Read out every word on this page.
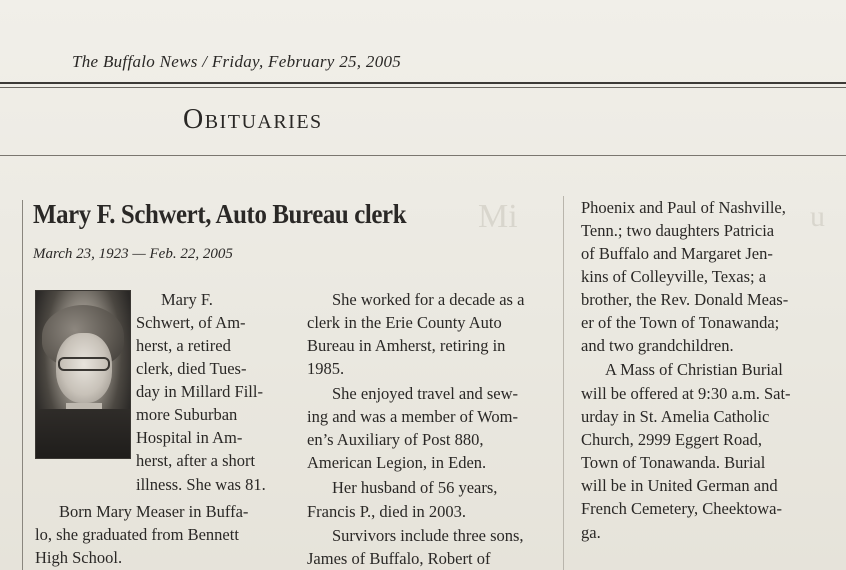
Mi	u
The Buffalo News / Friday, February 25, 2005
Obituaries
Mary F. Schwert, Auto Bureau clerk
March 23, 1923 — Feb. 22, 2005
Mary F.
Schwert, of Am-
herst, a retired
clerk, died Tues-
day in Millard Fill-
more Suburban
Hospital in Am-
herst, after a short
illness. She was 81.
Born Mary Measer in Buffa-
lo, she graduated from Bennett
High School.
She worked for a decade as a
clerk in the Erie County Auto
Bureau in Amherst, retiring in
1985.
She enjoyed travel and sew-
ing and was a member of Wom-
en’s Auxiliary of Post 880,
American Legion, in Eden.
Her husband of 56 years,
Francis P., died in 2003.
Survivors include three sons,
James of Buffalo, Robert of
Phoenix and Paul of Nashville,
Tenn.; two daughters Patricia
of Buffalo and Margaret Jen-
kins of Colleyville, Texas; a
brother, the Rev. Donald Meas-
er of the Town of Tonawanda;
and two grandchildren.
A Mass of Christian Burial
will be offered at 9:30 a.m. Sat-
urday in St. Amelia Catholic
Church, 2999 Eggert Road,
Town of Tonawanda. Burial
will be in United German and
French Cemetery, Cheektowa-
ga.
